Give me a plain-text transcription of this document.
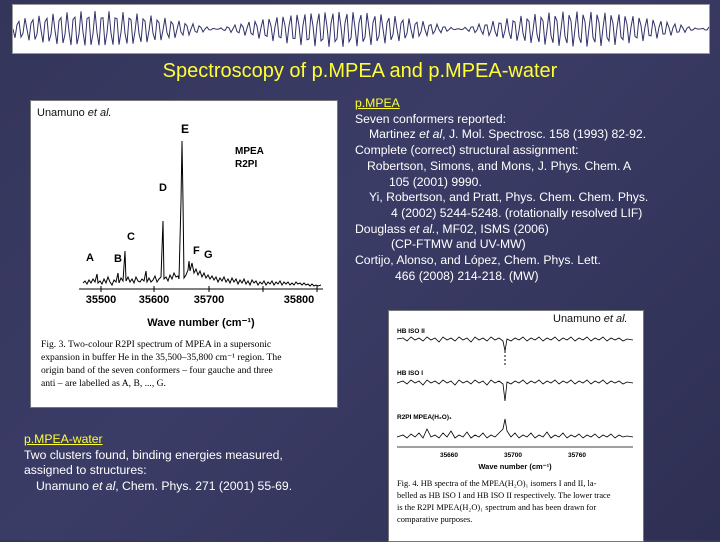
Spectroscopy of p.MPEA and p.MPEA-water
Unamuno et al.
35500 35600 35700	35800
Wave number (cm⁻¹)
A B
C
D
E
F G
MPEA
R2PI
Fig. 3. Two-colour R2PI spectrum of MPEA in a supersonic
expansion in buffer He in the 35,500–35,800 cm⁻¹ region. The
origin band of the seven conformers – four gauche and three
anti – are labelled as A, B, ..., G.
Unamuno et al.
HB ISO II
HB ISO I
R2PI MPEA(H₂O)₁
35660	35700	35760
Wave number (cm⁻¹)
Fig. 4. HB spectra of the MPEA(H₂O)₁ isomers I and II, la-
belled as HB ISO I and HB ISO II respectively. The lower trace
is the R2PI MPEA(H₂O)₁ spectrum and has been drawn for
comparative purposes.
p.MPEA
Seven conformers reported:
Martinez et al, J. Mol. Spectrosc. 158 (1993) 82-92.
Complete (correct) structural assignment:
Robertson, Simons, and Mons, J. Phys. Chem. A
105 (2001) 9990.
Yi, Robertson, and Pratt, Phys. Chem. Chem. Phys.
4 (2002) 5244-5248. (rotationally resolved LIF)
Douglass et al., MF02, ISMS (2006)
(CP-FTMW and UV-MW)
Cortijo, Alonso, and López, Chem. Phys. Lett.
466 (2008) 214-218. (MW)
p.MPEA-water
Two clusters found, binding energies measured,
assigned to structures:
Unamuno et al, Chem. Phys. 271 (2001) 55-69.
